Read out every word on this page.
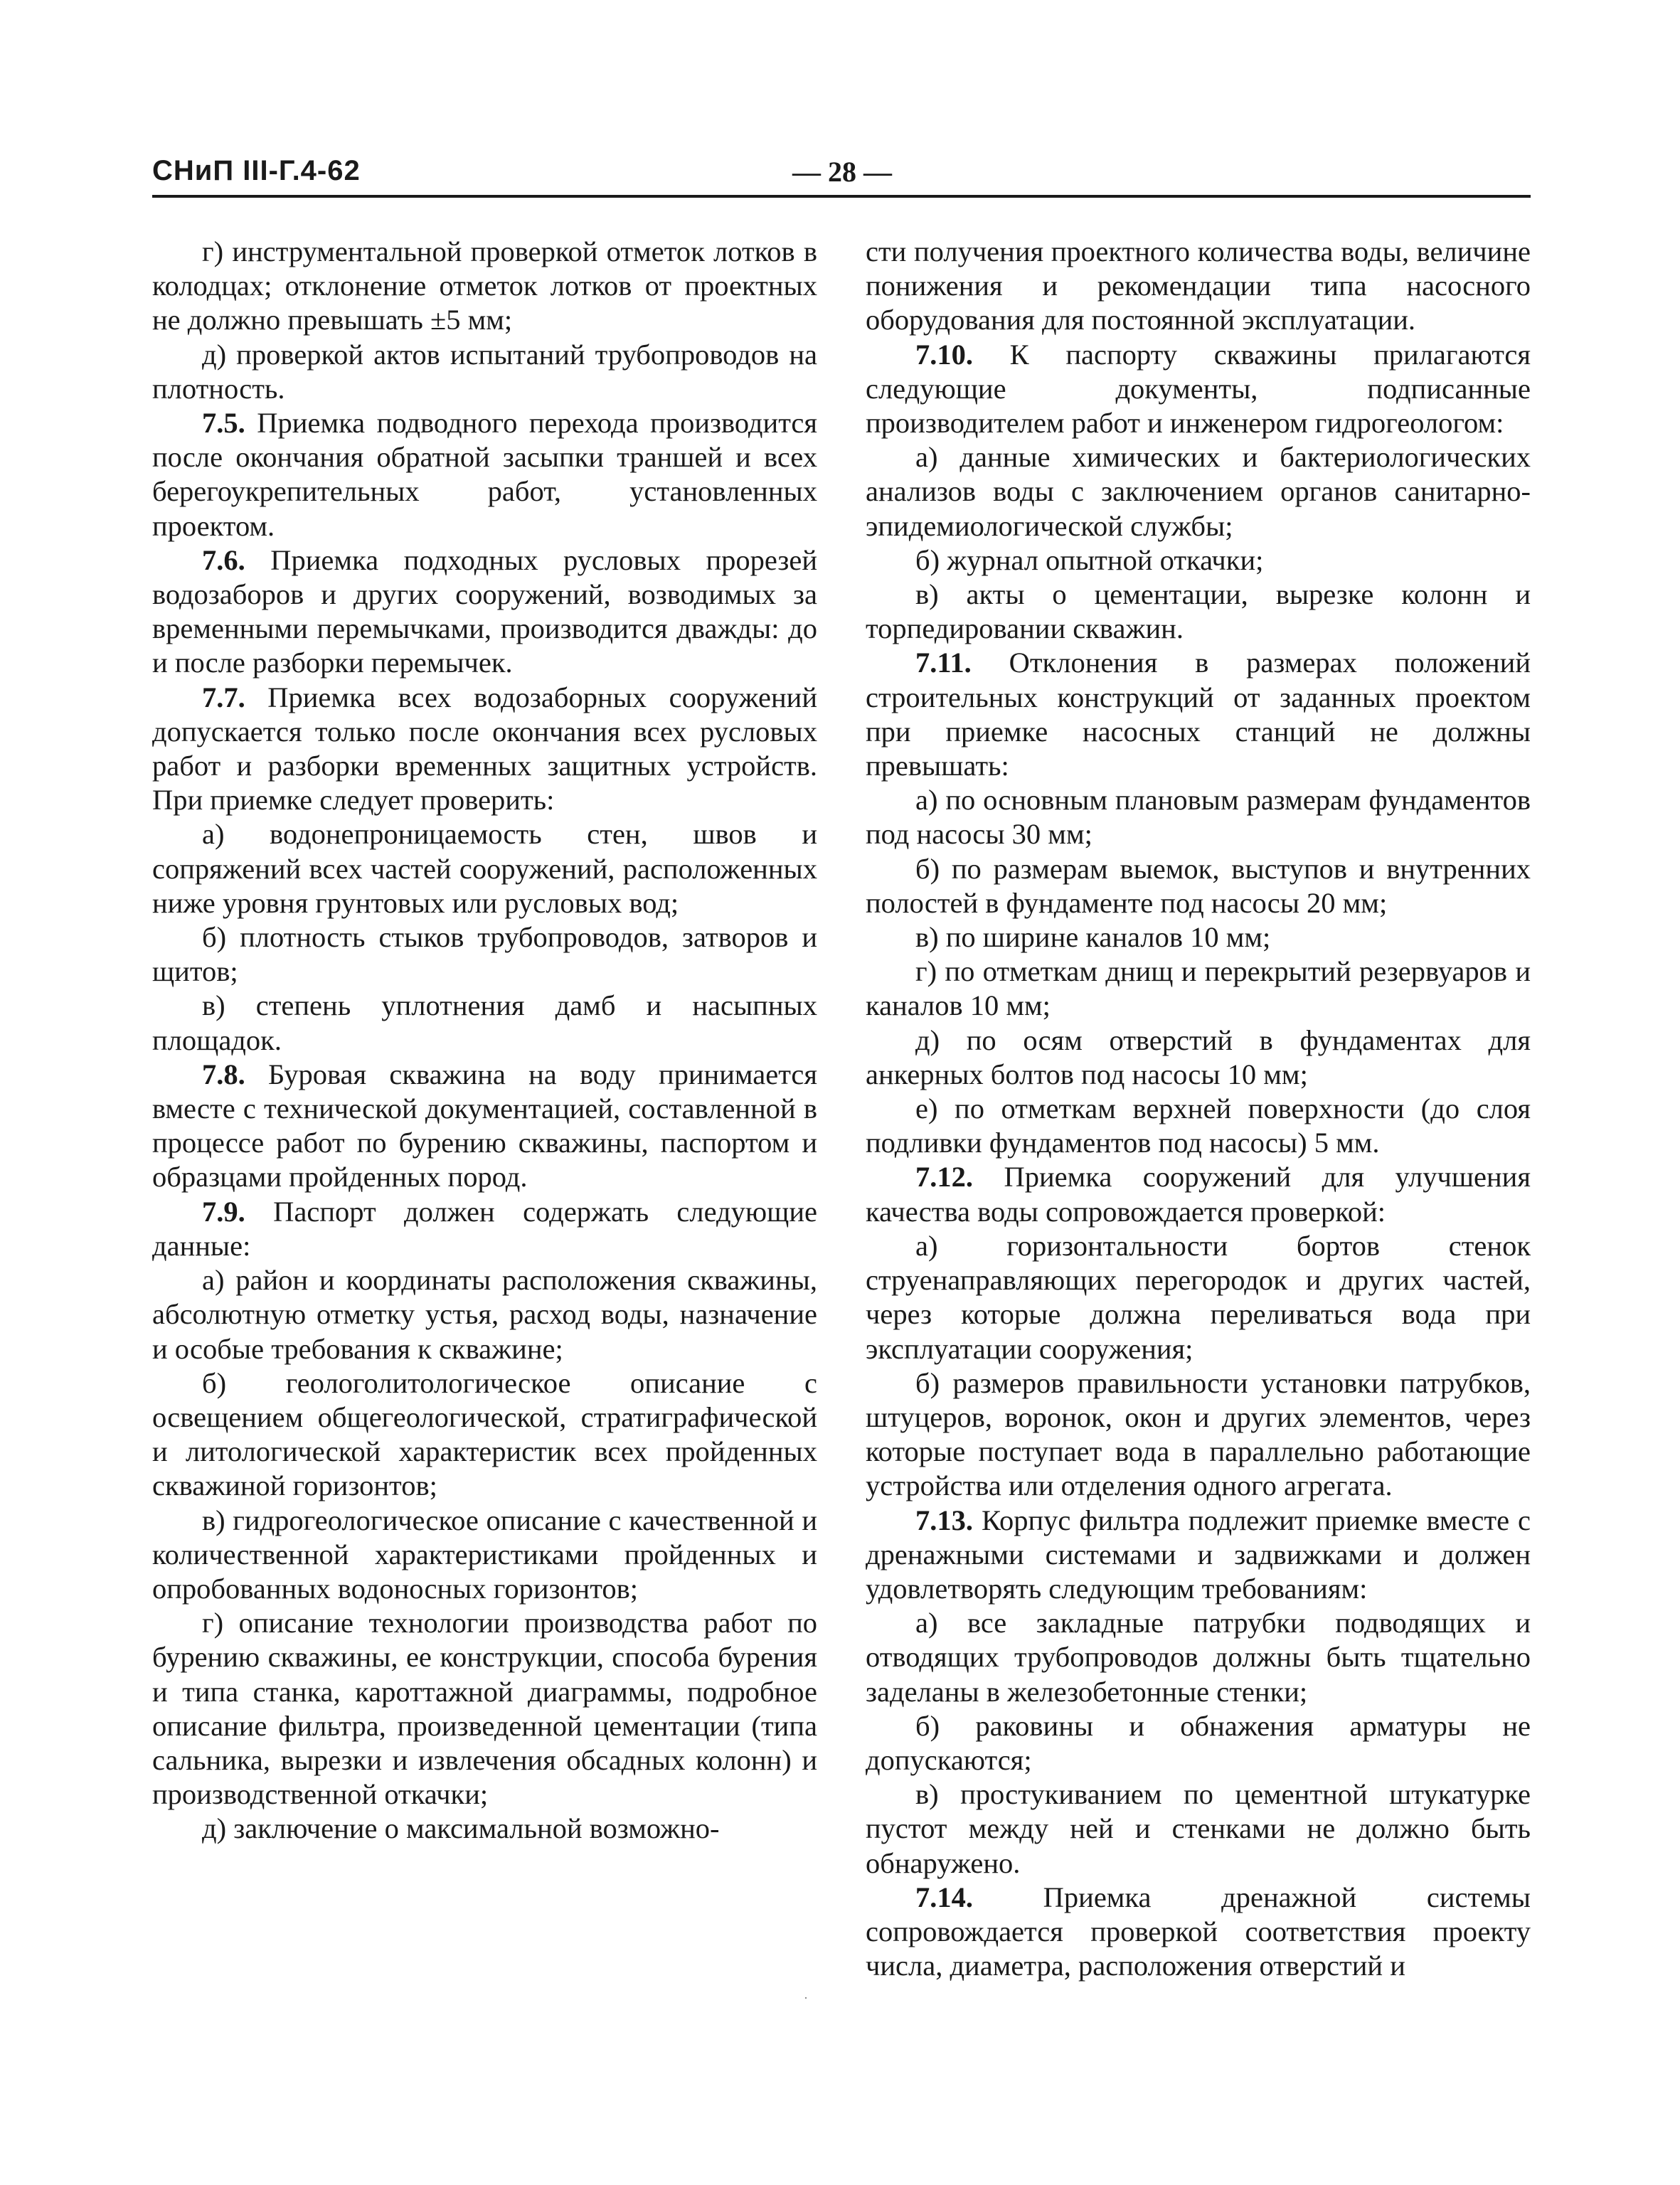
СНиП III-Г.4-62	— 28 —

г) инструментальной проверкой отметок лотков в колодцах; отклонение отметок лотков от проектных не должно превышать ±5 мм;

д) проверкой актов испытаний трубопроводов на плотность.

7.5. Приемка подводного перехода производится после окончания обратной засыпки траншей и всех берегоукрепительных работ, установленных проектом.

7.6. Приемка подходных русловых прорезей водозаборов и других сооружений, возводимых за временными перемычками, производится дважды: до и после разборки перемычек.

7.7. Приемка всех водозаборных сооружений допускается только после окончания всех русловых работ и разборки временных защитных устройств. При приемке следует проверить:

а) водонепроницаемость стен, швов и сопряжений всех частей сооружений, расположенных ниже уровня грунтовых или русловых вод;

б) плотность стыков трубопроводов, затворов и щитов;

в) степень уплотнения дамб и насыпных площадок.

7.8. Буровая скважина на воду принимается вместе с технической документацией, составленной в процессе работ по бурению скважины, паспортом и образцами пройденных пород.

7.9. Паспорт должен содержать следующие данные:

а) район и координаты расположения скважины, абсолютную отметку устья, расход воды, назначение и особые требования к скважине;

б) геологолитологическое описание с освещением общегеологической, стратиграфической и литологической характеристик всех пройденных скважиной горизонтов;

в) гидрогеологическое описание с качественной и количественной характеристиками пройденных и опробованных водоносных горизонтов;

г) описание технологии производства работ по бурению скважины, ее конструкции, способа бурения и типа станка, кароттажной диаграммы, подробное описание фильтра, произведенной цементации (типа сальника, вырезки и извлечения обсадных колонн) и производственной откачки;

д) заключение о максимальной возможно-

сти получения проектного количества воды, величине понижения и рекомендации типа насосного оборудования для постоянной эксплуатации.

7.10. К паспорту скважины прилагаются следующие документы, подписанные производителем работ и инженером гидрогеологом:

а) данные химических и бактериологических анализов воды с заключением органов санитарно-эпидемиологической службы;

б) журнал опытной откачки;

в) акты о цементации, вырезке колонн и торпедировании скважин.

7.11. Отклонения в размерах положений строительных конструкций от заданных проектом при приемке насосных станций не должны превышать:

а) по основным плановым размерам фундаментов под насосы 30 мм;

б) по размерам выемок, выступов и внутренних полостей в фундаменте под насосы 20 мм;

в) по ширине каналов 10 мм;

г) по отметкам днищ и перекрытий резервуаров и каналов 10 мм;

д) по осям отверстий в фундаментах для анкерных болтов под насосы 10 мм;

е) по отметкам верхней поверхности (до слоя подливки фундаментов под насосы) 5 мм.

7.12. Приемка сооружений для улучшения качества воды сопровождается проверкой:

а) горизонтальности бортов стенок струенаправляющих перегородок и других частей, через которые должна переливаться вода при эксплуатации сооружения;

б) размеров правильности установки патрубков, штуцеров, воронок, окон и других элементов, через которые поступает вода в параллельно работающие устройства или отделения одного агрегата.

7.13. Корпус фильтра подлежит приемке вместе с дренажными системами и задвижками и должен удовлетворять следующим требованиям:

а) все закладные патрубки подводящих и отводящих трубопроводов должны быть тщательно заделаны в железобетонные стенки;

б) раковины и обнажения арматуры не допускаются;

в) простукиванием по цементной штукатурке пустот между ней и стенками не должно быть обнаружено.

7.14. Приемка дренажной системы сопровождается проверкой соответствия проекту числа, диаметра, расположения отверстий и
